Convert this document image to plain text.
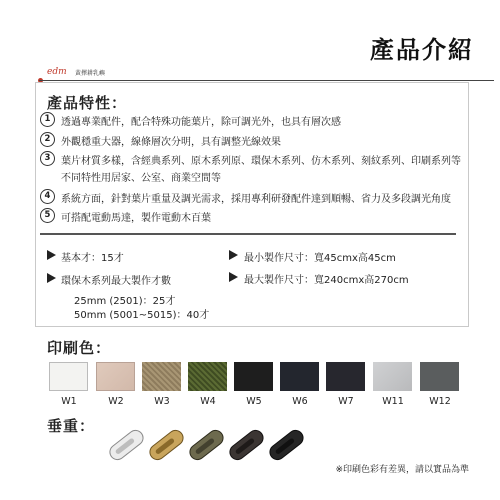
產品介紹
edm 黃擇耕乳嶼
產品特性：
1	透過專業配件，配合特殊功能葉片，除可調光外，也具有層次感
2	外觀穩重大器，線條層次分明，具有調整光線效果
3	葉片材質多樣，含經典系列、原木系列原、環保木系列、仿木系列、刻紋系列、印刷系列等
不同特性用居家、公室、商業空間等
4	系統方面，針對葉片重量及調光需求，採用專利研發配件達到順暢、省力及多段調光角度
5	可搭配電動馬達，製作電動木百葉
基本才：15才
環保木系列最大製作才數
25mm (2501)：25才
50mm (5001~5015)：40才
最小製作尺寸：寬45cmx高45cm
最大製作尺寸：寬240cmx高270cm
印刷色：
W1	W2	W3	W4	W5	W6	W7	W11	W12
垂重：
※印刷色彩有差異，請以實品為準
